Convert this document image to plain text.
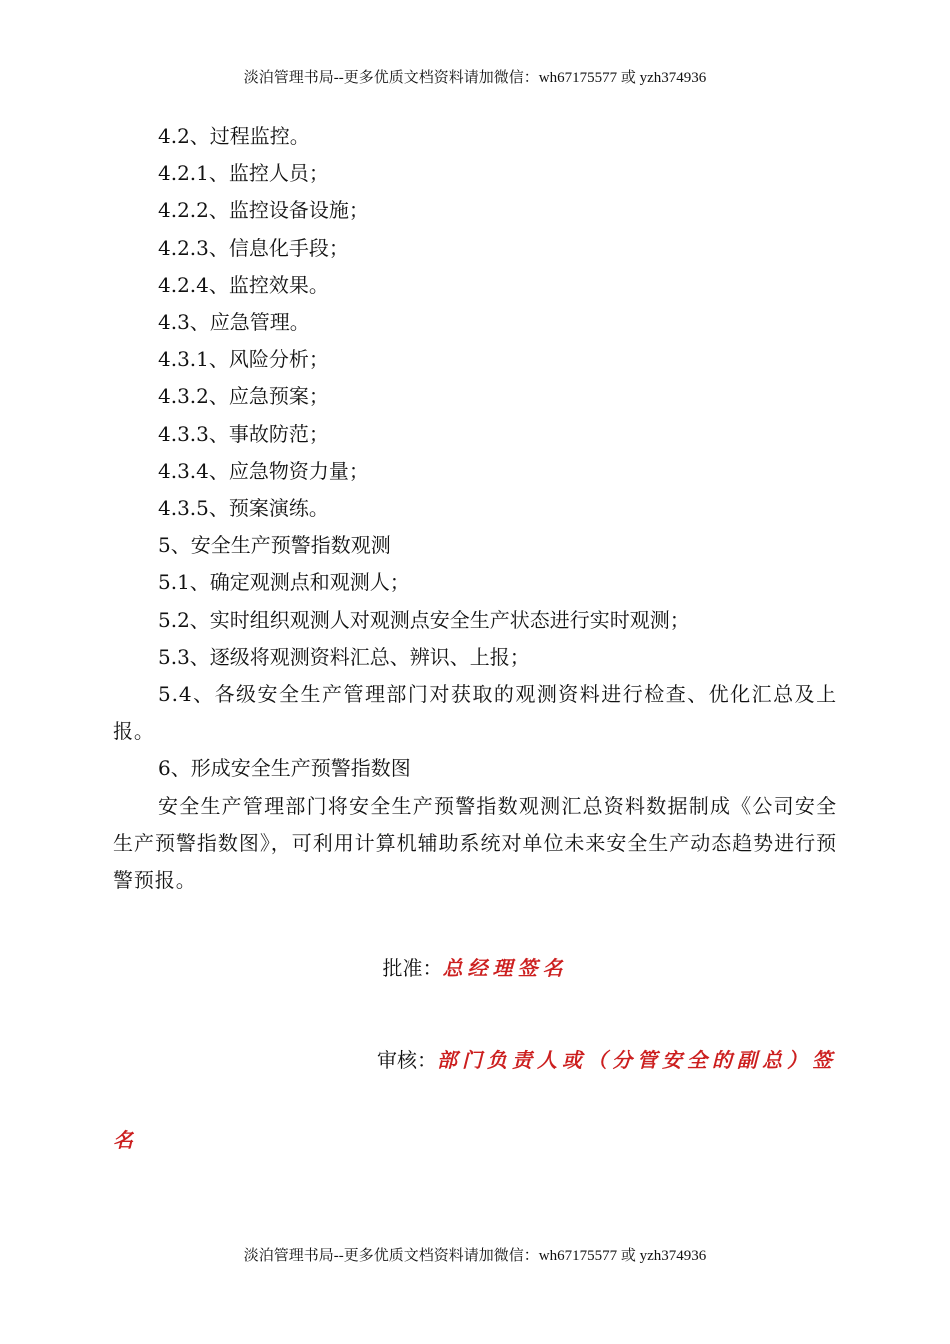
淡泊管理书局--更多优质文档资料请加微信：wh67175577 或 yzh374936

4.2、过程监控。

4.2.1、监控人员；

4.2.2、监控设备设施；

4.2.3、信息化手段；

4.2.4、监控效果。

4.3、应急管理。

4.3.1、风险分析；

4.3.2、应急预案；

4.3.3、事故防范；

4.3.4、应急物资力量；

4.3.5、预案演练。

5、安全生产预警指数观测

5.1、确定观测点和观测人；

5.2、实时组织观测人对观测点安全生产状态进行实时观测；

5.3、逐级将观测资料汇总、辨识、上报；

5.4、各级安全生产管理部门对获取的观测资料进行检查、优化汇总及上报。

6、形成安全生产预警指数图

安全生产管理部门将安全生产预警指数观测汇总资料数据制成《公司安全生产预警指数图》，可利用计算机辅助系统对单位未来安全生产动态趋势进行预警预报。

批准：总经理签名
审核：部门负责人或（分管安全的副总）签
名
淡泊管理书局--更多优质文档资料请加微信：wh67175577 或 yzh374936
